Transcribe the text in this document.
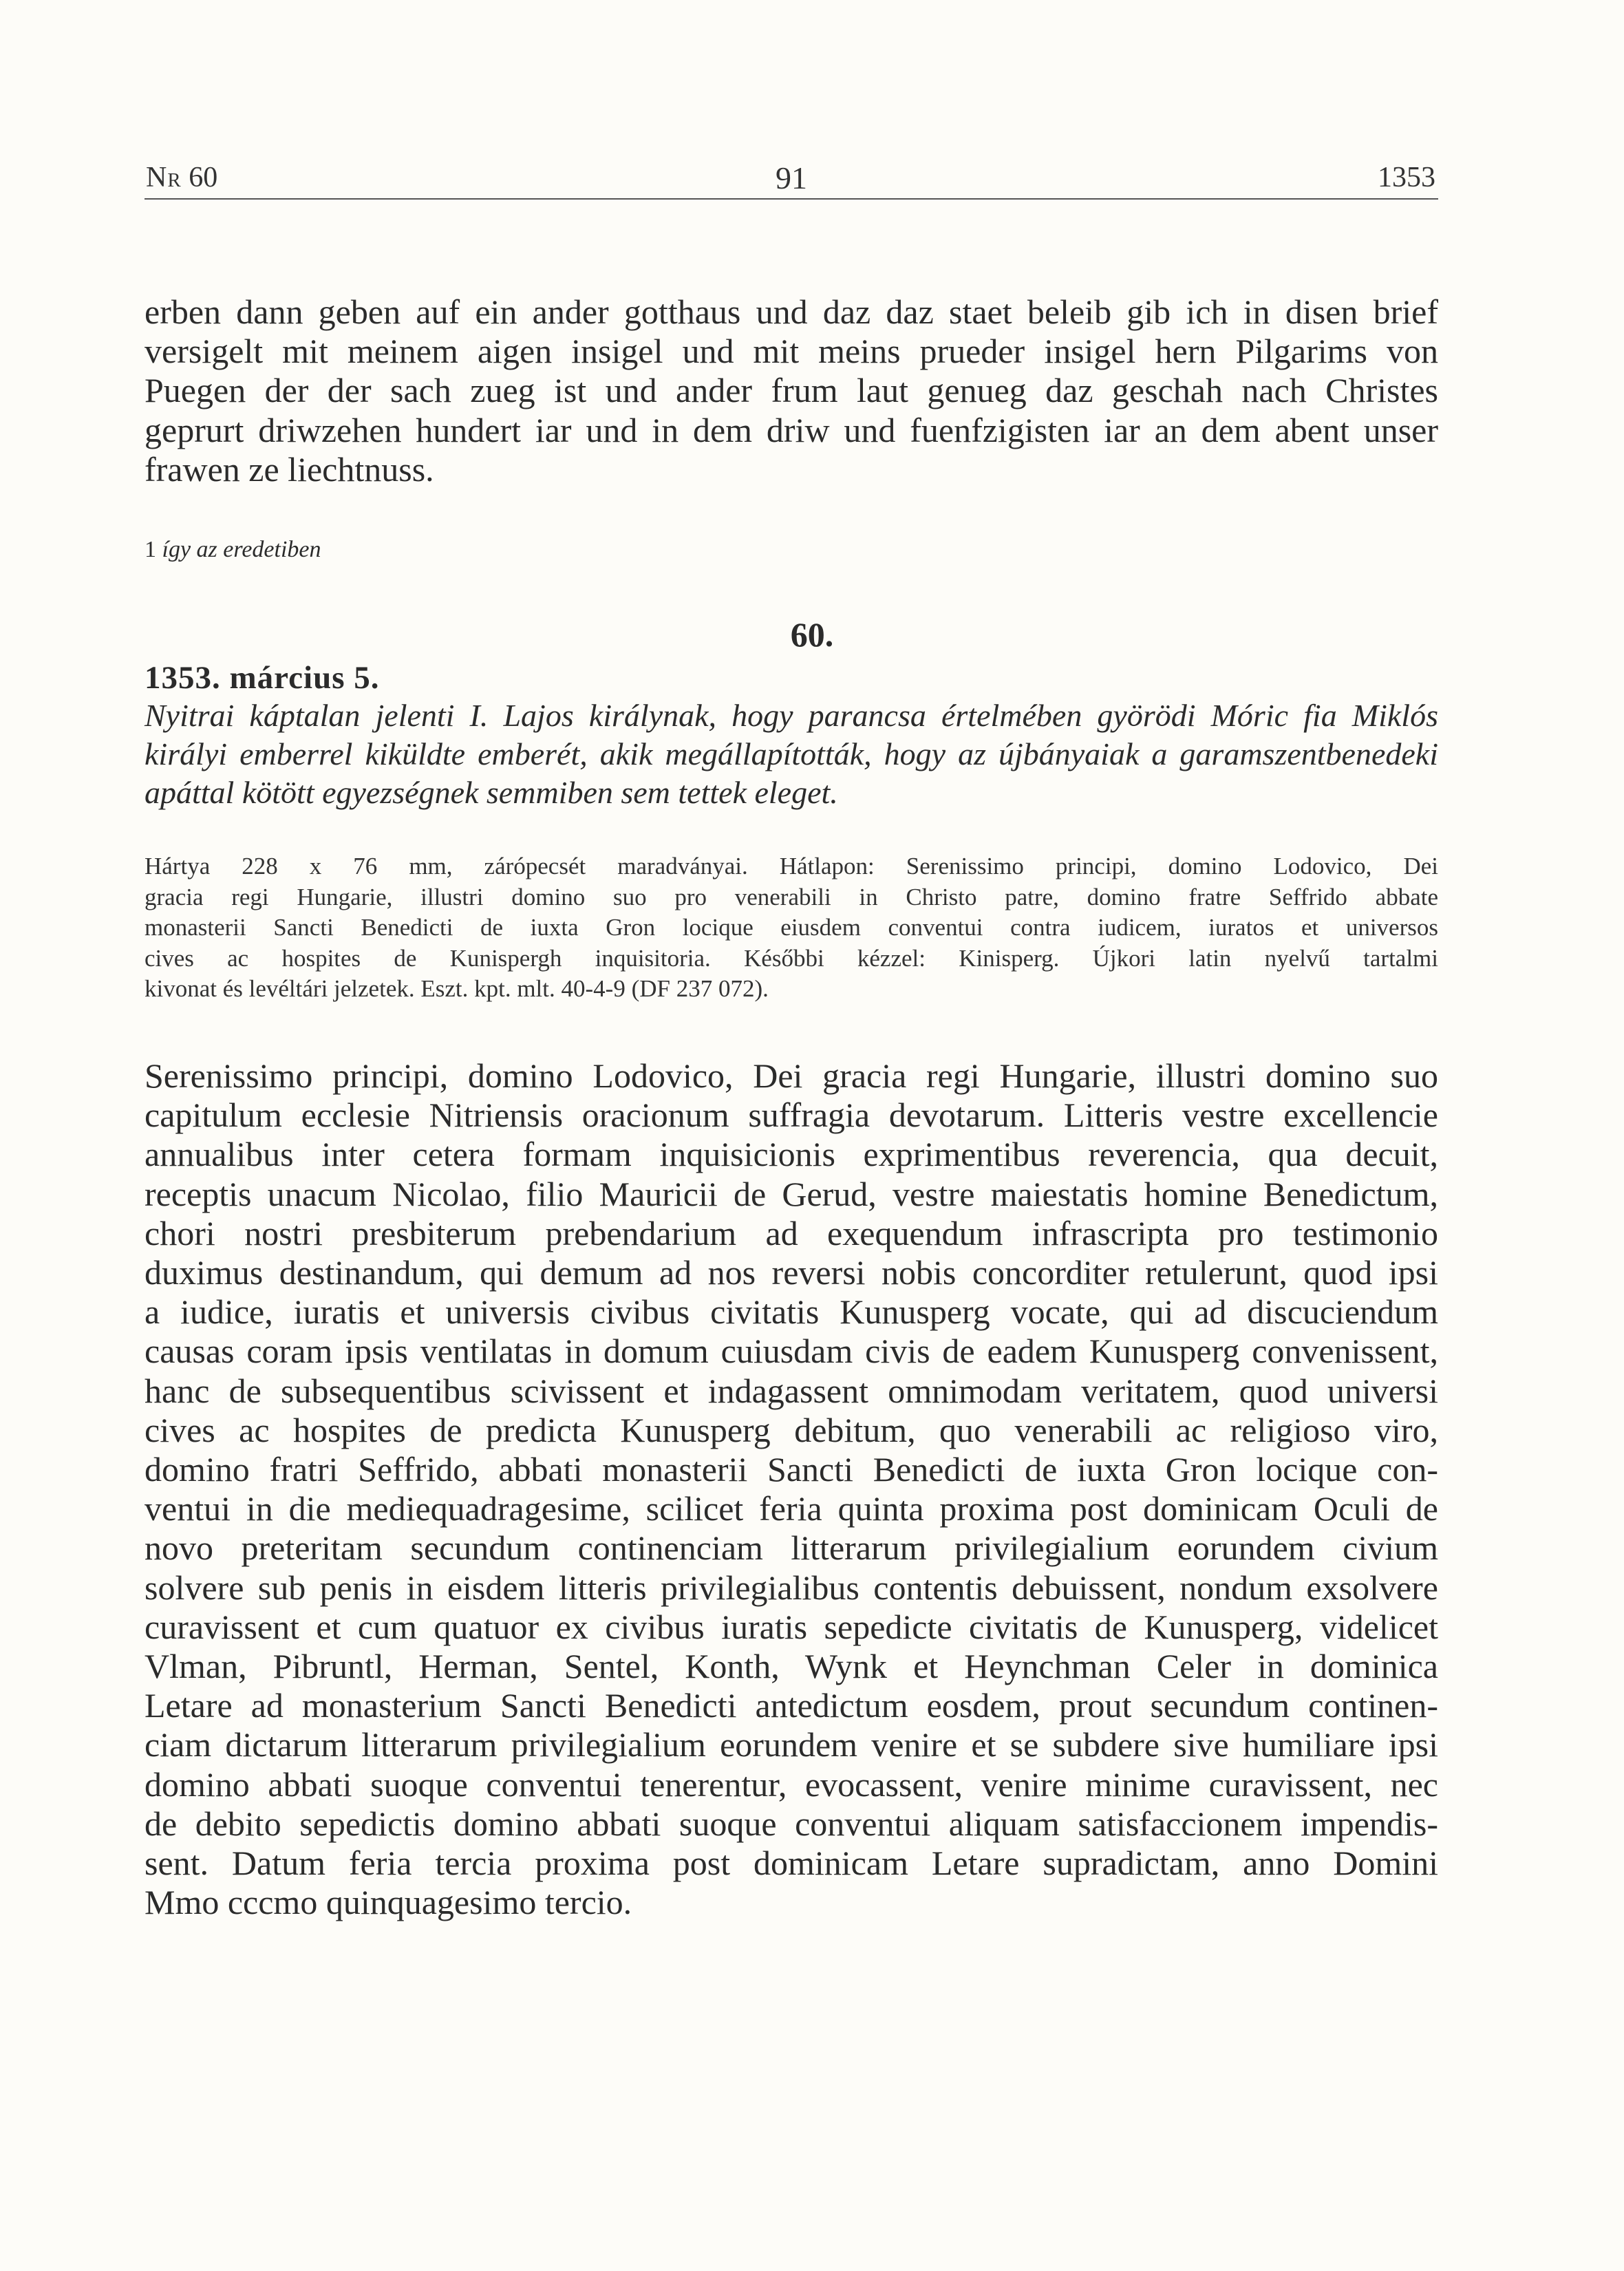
Nr 60	91	1353
erben dann geben auf ein ander gotthaus und daz daz staet beleib gib ich in disen brief
versigelt mit meinem aigen insigel und mit meins prueder insigel hern Pilgarims von
Puegen der der sach zueg ist und ander frum laut genueg daz geschah nach Christes
geprurt driwzehen hundert iar und in dem driw und fuenfzigisten iar an dem abent unser
frawen ze liechtnuss.
1 így az eredetiben
60.
1353. március 5.
Nyitrai káptalan jelenti I. Lajos királynak, hogy parancsa értelmében györödi Móric fia Miklós
királyi emberrel kiküldte emberét, akik megállapították, hogy az újbányaiak a garamszentbenedeki
apáttal kötött egyezségnek semmiben sem tettek eleget.
Hártya 228 x 76 mm, zárópecsét maradványai. Hátlapon: Serenissimo principi, domino Lodovico, Dei
gracia regi Hungarie, illustri domino suo pro venerabili in Christo patre, domino fratre Seffrido abbate
monasterii Sancti Benedicti de iuxta Gron locique eiusdem conventui contra iudicem, iuratos et universos
cives ac hospites de Kunispergh inquisitoria. Későbbi kézzel: Kinisperg. Újkori latin nyelvű tartalmi
kivonat és levéltári jelzetek. Eszt. kpt. mlt. 40-4-9 (DF 237 072).
Serenissimo principi, domino Lodovico, Dei gracia regi Hungarie, illustri domino suo
capitulum ecclesie Nitriensis oracionum suffragia devotarum. Litteris vestre excellencie
annualibus inter cetera formam inquisicionis exprimentibus reverencia, qua decuit,
receptis unacum Nicolao, filio Mauricii de Gerud, vestre maiestatis homine Benedictum,
chori nostri presbiterum prebendarium ad exequendum infrascripta pro testimonio
duximus destinandum, qui demum ad nos reversi nobis concorditer retulerunt, quod ipsi
a iudice, iuratis et universis civibus civitatis Kunusperg vocate, qui ad discuciendum
causas coram ipsis ventilatas in domum cuiusdam civis de eadem Kunusperg convenissent,
hanc de subsequentibus scivissent et indagassent omnimodam veritatem, quod universi
cives ac hospites de predicta Kunusperg debitum, quo venerabili ac religioso viro,
domino fratri Seffrido, abbati monasterii Sancti Benedicti de iuxta Gron locique con-
ventui in die mediequadragesime, scilicet feria quinta proxima post dominicam Oculi de
novo preteritam secundum continenciam litterarum privilegialium eorundem civium
solvere sub penis in eisdem litteris privilegialibus contentis debuissent, nondum exsolvere
curavissent et cum quatuor ex civibus iuratis sepedicte civitatis de Kunusperg, videlicet
Vlman, Pibruntl, Herman, Sentel, Konth, Wynk et Heynchman Celer in dominica
Letare ad monasterium Sancti Benedicti antedictum eosdem, prout secundum continen-
ciam dictarum litterarum privilegialium eorundem venire et se subdere sive humiliare ipsi
domino abbati suoque conventui tenerentur, evocassent, venire minime curavissent, nec
de debito sepedictis domino abbati suoque conventui aliquam satisfaccionem impendis-
sent. Datum feria tercia proxima post dominicam Letare supradictam, anno Domini
Mmo cccmo quinquagesimo tercio.
